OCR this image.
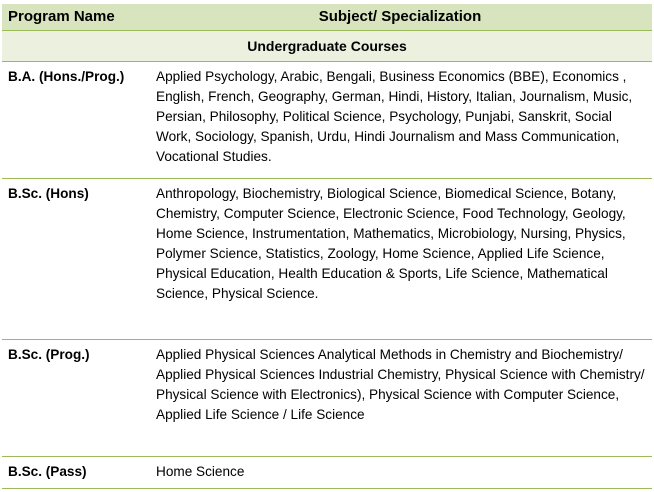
Program Name	Subject/ Specialization
Undergraduate Courses	
B.A. (Hons./Prog.)	Applied Psychology, Arabic, Bengali, Business Economics (BBE), Economics , English, French, Geography, German, Hindi, History, Italian, Journalism, Music, Persian, Philosophy, Political Science, Psychology, Punjabi, Sanskrit, Social Work, Sociology, Spanish, Urdu, Hindi Journalism and Mass Communication, Vocational Studies.
B.Sc. (Hons)	Anthropology, Biochemistry, Biological Science, Biomedical Science, Botany, Chemistry, Computer Science, Electronic Science, Food Technology, Geology, Home Science, Instrumentation, Mathematics, Microbiology, Nursing, Physics, Polymer Science, Statistics, Zoology, Home Science, Applied Life Science, Physical Education, Health Education & Sports, Life Science, Mathematical Science, Physical Science.
B.Sc. (Prog.)	Applied Physical Sciences Analytical Methods in Chemistry and Biochemistry/ Applied Physical Sciences Industrial Chemistry, Physical Science with Chemistry/ Physical Science with Electronics), Physical Science with Computer Science, Applied Life Science / Life Science
B.Sc. (Pass)	Home Science
